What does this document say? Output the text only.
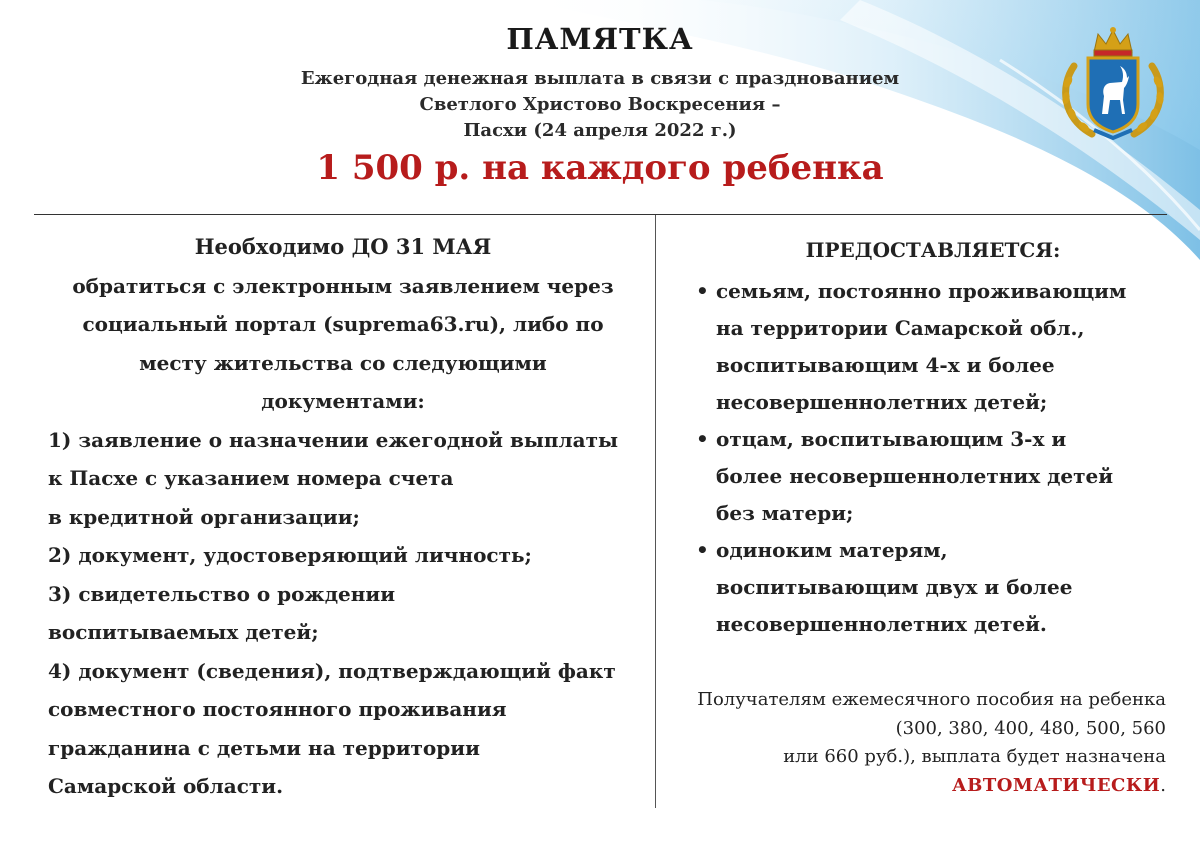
ПАМЯТКА
Ежегодная денежная выплата в связи с празднованием
Светлого Христово Воскресения –
Пасхи (24 апреля 2022 г.)
1 500 р. на каждого ребенка
Необходимо ДО 31 МАЯ
обратиться с электронным заявлением через
социальный портал (suprema63.ru), либо по
месту жительства со следующими
документами:
1) заявление о назначении ежегодной выплаты
к Пасхе с указанием номера счета
в кредитной организации;
2) документ, удостоверяющий личность;
3) свидетельство о рождении
воспитываемых детей;
4) документ (сведения), подтверждающий факт
совместного постоянного проживания
гражданина с детьми на территории
Самарской области.
ПРЕДОСТАВЛЯЕТСЯ:
• семьям, постоянно проживающим
на территории Самарской обл.,
воспитывающим 4-х и более
несовершеннолетних детей;
• отцам, воспитывающим 3-х и
более несовершеннолетних детей
без матери;
• одиноким матерям,
воспитывающим двух и более
несовершеннолетних детей.
Получателям ежемесячного пособия на ребенка
(300, 380, 400, 480, 500, 560
или 660 руб.), выплата будет назначена
АВТОМАТИЧЕСКИ.
